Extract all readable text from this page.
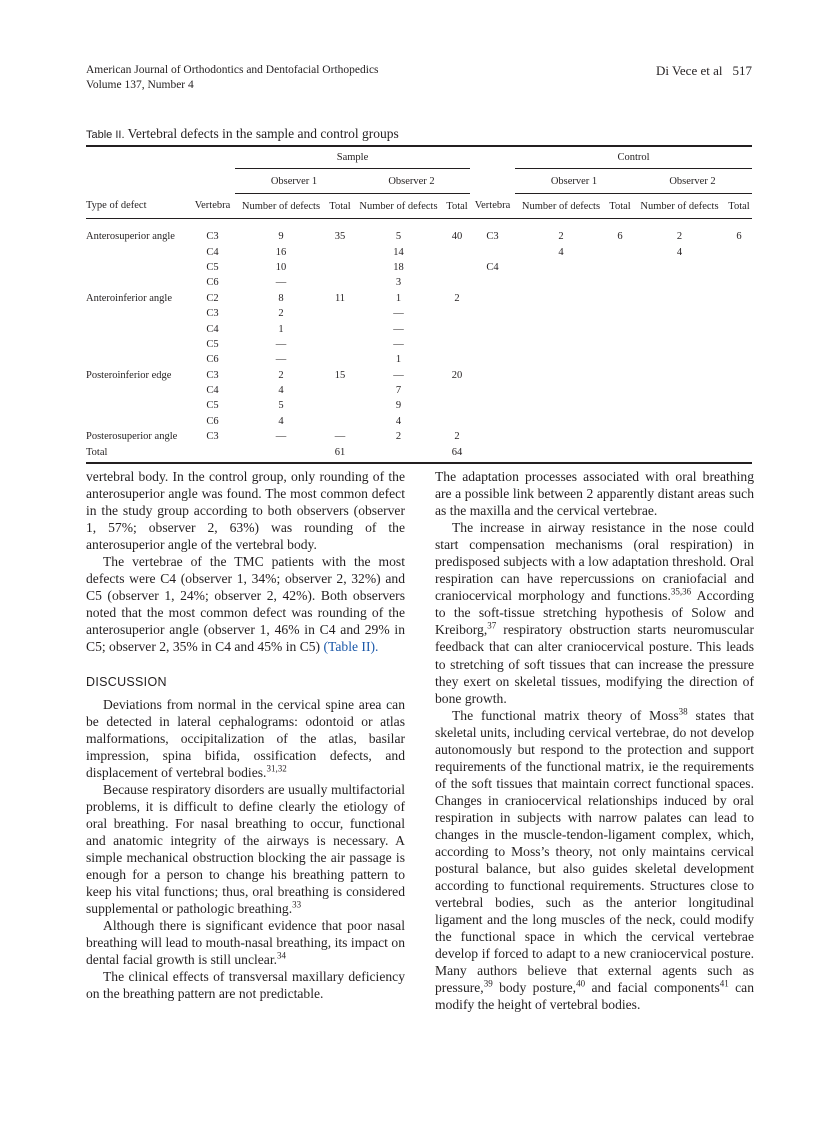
American Journal of Orthodontics and Dentofacial Orthopedics
Volume 137, Number 4
Di Vece et al 517
Table II. Vertebral defects in the sample and control groups
		Sample					Control			
		Observer 1		Observer 2			Observer 1		Observer 2	
Type of defect	Vertebra	Number of defects	Total	Number of defects	Total	Vertebra	Number of defects	Total	Number of defects	Total
Anterosuperior angle	C3	9	35	5	40	C3	2	6	2	6
	C4	16		14			4		4	
	C5	10		18		C4				
	C6	—		3						
Anteroinferior angle	C2	8	11	1	2					
	C3	2		—						
	C4	1		—						
	C5	—		—						
	C6	—		1						
Posteroinferior edge	C3	2	15	—	20					
	C4	4		7						
	C5	5		9						
	C6	4		4						
Posterosuperior angle	C3	—	—	2	2					
Total			61		64					

vertebral body. In the control group, only rounding of the anterosuperior angle was found. The most common defect in the study group according to both observers (observer 1, 57%; observer 2, 63%) was rounding of the anterosuperior angle of the vertebral body.

The vertebrae of the TMC patients with the most defects were C4 (observer 1, 34%; observer 2, 32%) and C5 (observer 1, 24%; observer 2, 42%). Both observers noted that the most common defect was rounding of the anterosuperior angle (observer 1, 46% in C4 and 29% in C5; observer 2, 35% in C4 and 45% in C5) (Table II).

DISCUSSION

Deviations from normal in the cervical spine area can be detected in lateral cephalograms: odontoid or atlas malformations, occipitalization of the atlas, basilar impression, spina bifida, ossification defects, and displacement of vertebral bodies.$^{31,32}$

Because respiratory disorders are usually multifactorial problems, it is difficult to define clearly the etiology of oral breathing. For nasal breathing to occur, functional and anatomic integrity of the airways is necessary. A simple mechanical obstruction blocking the air passage is enough for a person to change his breathing pattern to keep his vital functions; thus, oral breathing is considered supplemental or pathologic breathing.$^{33}$

Although there is significant evidence that poor nasal breathing will lead to mouth-nasal breathing, its impact on dental facial growth is still unclear.$^{34}$

The clinical effects of transversal maxillary deficiency on the breathing pattern are not predictable.

The adaptation processes associated with oral breathing are a possible link between 2 apparently distant areas such as the maxilla and the cervical vertebrae.

The increase in airway resistance in the nose could start compensation mechanisms (oral respiration) in predisposed subjects with a low adaptation threshold. Oral respiration can have repercussions on craniofacial and craniocervical morphology and functions.$^{35,36}$ According to the soft-tissue stretching hypothesis of Solow and Kreiborg,$^{37}$ respiratory obstruction starts neuromuscular feedback that can alter craniocervical posture. This leads to stretching of soft tissues that can increase the pressure they exert on skeletal tissues, modifying the direction of bone growth.

The functional matrix theory of Moss$^{38}$ states that skeletal units, including cervical vertebrae, do not develop autonomously but respond to the protection and support requirements of the functional matrix, ie the requirements of the soft tissues that maintain correct functional spaces. Changes in craniocervical relationships induced by oral respiration in subjects with narrow palates can lead to changes in the muscle-tendon-ligament complex, which, according to Moss’s theory, not only maintains cervical postural balance, but also guides skeletal development according to functional requirements. Structures close to vertebral bodies, such as the anterior longitudinal ligament and the long muscles of the neck, could modify the functional space in which the cervical vertebrae develop if forced to adapt to a new craniocervical posture. Many authors believe that external agents such as pressure,$^{39}$ body posture,$^{40}$ and facial components$^{41}$ can modify the height of vertebral bodies.
